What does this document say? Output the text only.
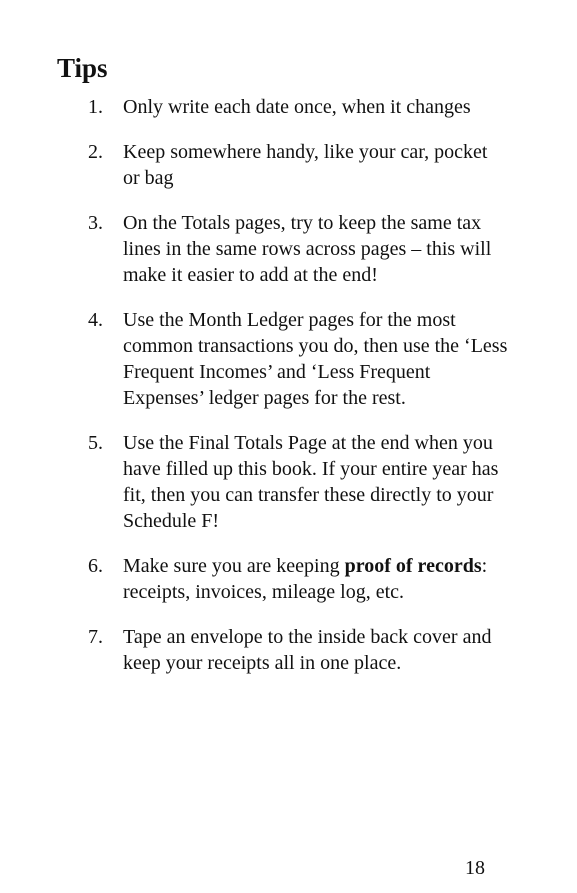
Tips
1.	Only write each date once, when it changes
2.	Keep somewhere handy, like your car, pocket or bag
3.	On the Totals pages, try to keep the same tax lines in the same rows across pages – this will make it easier to add at the end!
4.	Use the Month Ledger pages for the most common transactions you do, then use the ‘Less Frequent Incomes’ and ‘Less Frequent Expenses’ ledger pages for the rest.
5.	Use the Final Totals Page at the end when you have filled up this book. If your entire year has fit, then you can transfer these directly to your Schedule F!
6.	Make sure you are keeping proof of records: receipts, invoices, mileage log, etc.
7.	Tape an envelope to the inside back cover and keep your receipts all in one place.
18
